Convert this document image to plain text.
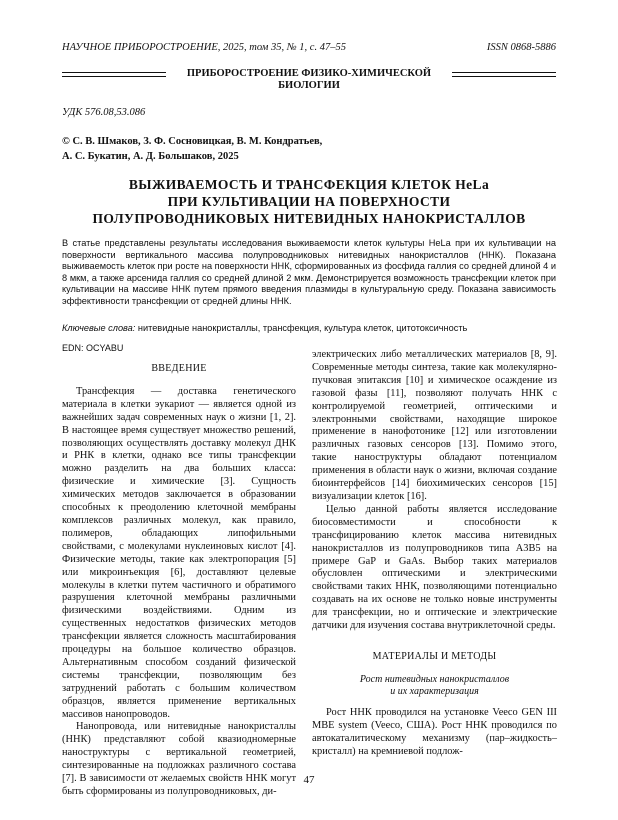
НАУЧНОЕ ПРИБОРОСТРОЕНИЕ, 2025, том 35, № 1, с. 47–55	ISSN 0868-5886
ПРИБОРОСТРОЕНИЕ ФИЗИКО-ХИМИЧЕСКОЙ
БИОЛОГИИ
УДК 576.08,53.086
© С. В. Шмаков, З. Ф. Сосновицкая, В. М. Кондратьев,
А. С. Букатин, А. Д. Большаков, 2025
ВЫЖИВАЕМОСТЬ И ТРАНСФЕКЦИЯ КЛЕТОК HeLa
ПРИ КУЛЬТИВАЦИИ НА ПОВЕРХНОСТИ
ПОЛУПРОВОДНИКОВЫХ НИТЕВИДНЫХ НАНОКРИСТАЛЛОВ
В статье представлены результаты исследования выживаемости клеток культуры HeLa при их культивации на поверхности вертикального массива полупроводниковых нитевидных нанокристаллов (ННК). Показана выживаемость клеток при росте на поверхности ННК, сформированных из фосфида галлия со средней длиной 4 и 8 мкм, а также арсенида галлия со средней длиной 2 мкм. Демонстрируется возможность трансфекции клеток при культивации на массиве ННК путем прямого введения плазмиды в культуральную среду. Показана зависимость эффективности трансфекции от средней длины ННК.
Ключевые слова: нитевидные нанокристаллы, трансфекция, культура клеток, цитотоксичность
EDN: OCYABU
ВВЕДЕНИЕ

Трансфекция — доставка генетического материала в клетки эукариот — является одной из важнейших задач современных наук о жизни [1, 2]. В настоящее время существует множество решений, позволяющих осуществлять доставку молекул ДНК и РНК в клетки, однако все типы трансфекции можно разделить на два больших класса: физические и химические [3]. Сущность химических методов заключается в образовании способных к преодолению клеточной мембраны комплексов различных молекул, как правило, полимеров, обладающих липофильными свойствами, с молекулами нуклеиновых кислот [4]. Физические методы, такие как электропорация [5] или микроинъекция [6], доставляют целевые молекулы в клетки путем частичного и обратимого разрушения клеточной мембраны различными физическими воздействиями. Одним из существенных недостатков физических методов трансфекции является сложность масштабирования процедуры на большое количество образцов. Альтернативным способом созданий физической системы трансфекции, позволяющим без затруднений работать с большим количеством образцов, является применение вертикальных массивов нанопроводов.

Нанопровода, или нитевидные нанокристаллы (ННК) представляют собой квазиодномерные наноструктуры с вертикальной геометрией, синтезированные на подложках различного состава [7]. В зависимости от желаемых свойств ННК могут быть сформированы из полупроводниковых, ди-

электрических либо металлических материалов [8, 9]. Современные методы синтеза, такие как молекулярно-пучковая эпитаксия [10] и химическое осаждение из газовой фазы [11], позволяют получать ННК с контролируемой геометрией, оптическими и электронными свойствами, находящие широкое применение в нанофотонике [12] или изготовлении различных газовых сенсоров [13]. Помимо этого, такие наноструктуры обладают потенциалом применения в области наук о жизни, включая создание биоинтерфейсов [14] биохимических сенсоров [15] визуализации клеток [16].

Целью данной работы является исследование биосовместимости и способности к трансфицированию клеток массива нитевидных нанокристаллов из полупроводников типа A3B5 на примере GaP и GaAs. Выбор таких материалов обусловлен оптическими и электрическими свойствами таких ННК, позволяющими потенциально создавать на их основе не только новые инструменты для трансфекции, но и оптические и электрические датчики для изучения состава внутриклеточной среды.

МАТЕРИАЛЫ И МЕТОДЫ
Рост нитевидных нанокристаллов
и их характеризация

Рост ННК проводился на установке Veeco GEN III MBE system (Veeco, США). Рост ННК проводился по автокаталитическому механизму (пар–жидкость–кристалл) на кремниевой подлож-

47
